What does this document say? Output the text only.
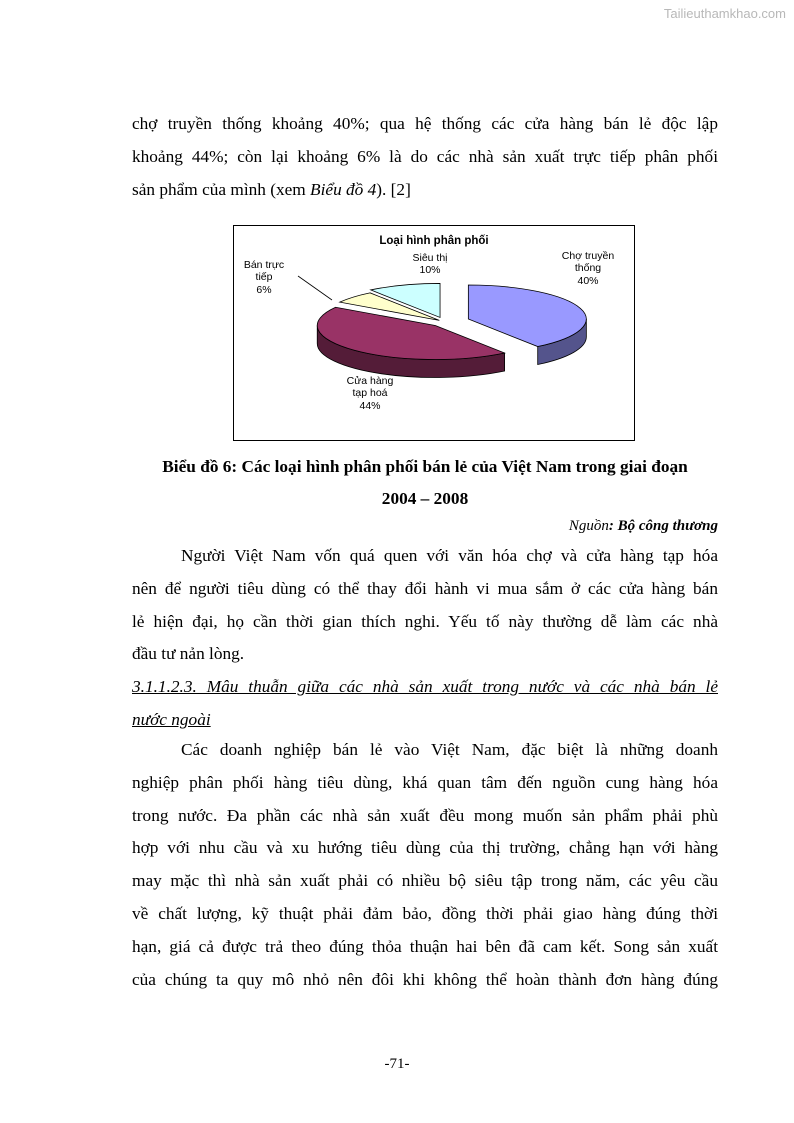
Tailieuthamkhao.com
chợ truyền thống khoảng 40%; qua hệ thống các cửa hàng bán lẻ độc lập
khoảng 44%; còn lại khoảng 6% là do các nhà sản xuất trực tiếp phân phối
sản phẩm của mình (xem Biểu đồ 4). [2]
Loại hình phân phối
Chợ truyền
thống
40%
Cửa hàng
tạp hoá
44%
Bán trực
tiếp
6%
Siêu thị
10%
Biểu đồ 6: Các loại hình phân phối bán lẻ của Việt Nam trong giai đoạn
2004 – 2008
Nguồn: Bộ công thương
Người Việt Nam vốn quá quen với văn hóa chợ và cửa hàng tạp hóa
nên để người tiêu dùng có thể thay đổi hành vi mua sắm ở các cửa hàng bán
lẻ hiện đại, họ cần thời gian thích nghi. Yếu tố này thường dễ làm các nhà
đầu tư nản lòng.
3.1.1.2.3. Mâu thuẫn giữa các nhà sản xuất trong nước và các nhà bán lẻ
nước ngoài
Các doanh nghiệp bán lẻ vào Việt Nam, đặc biệt là những doanh
nghiệp phân phối hàng tiêu dùng, khá quan tâm đến nguồn cung hàng hóa
trong nước. Đa phần các nhà sản xuất đều mong muốn sản phẩm phải phù
hợp với nhu cầu và xu hướng tiêu dùng của thị trường, chẳng hạn với hàng
may mặc thì nhà sản xuất phải có nhiều bộ siêu tập trong năm, các yêu cầu
về chất lượng, kỹ thuật phải đảm bảo, đồng thời phải giao hàng đúng thời
hạn, giá cả được trả theo đúng thỏa thuận hai bên đã cam kết. Song sản xuất
của chúng ta quy mô nhỏ nên đôi khi không thể hoàn thành đơn hàng đúng
-71-
